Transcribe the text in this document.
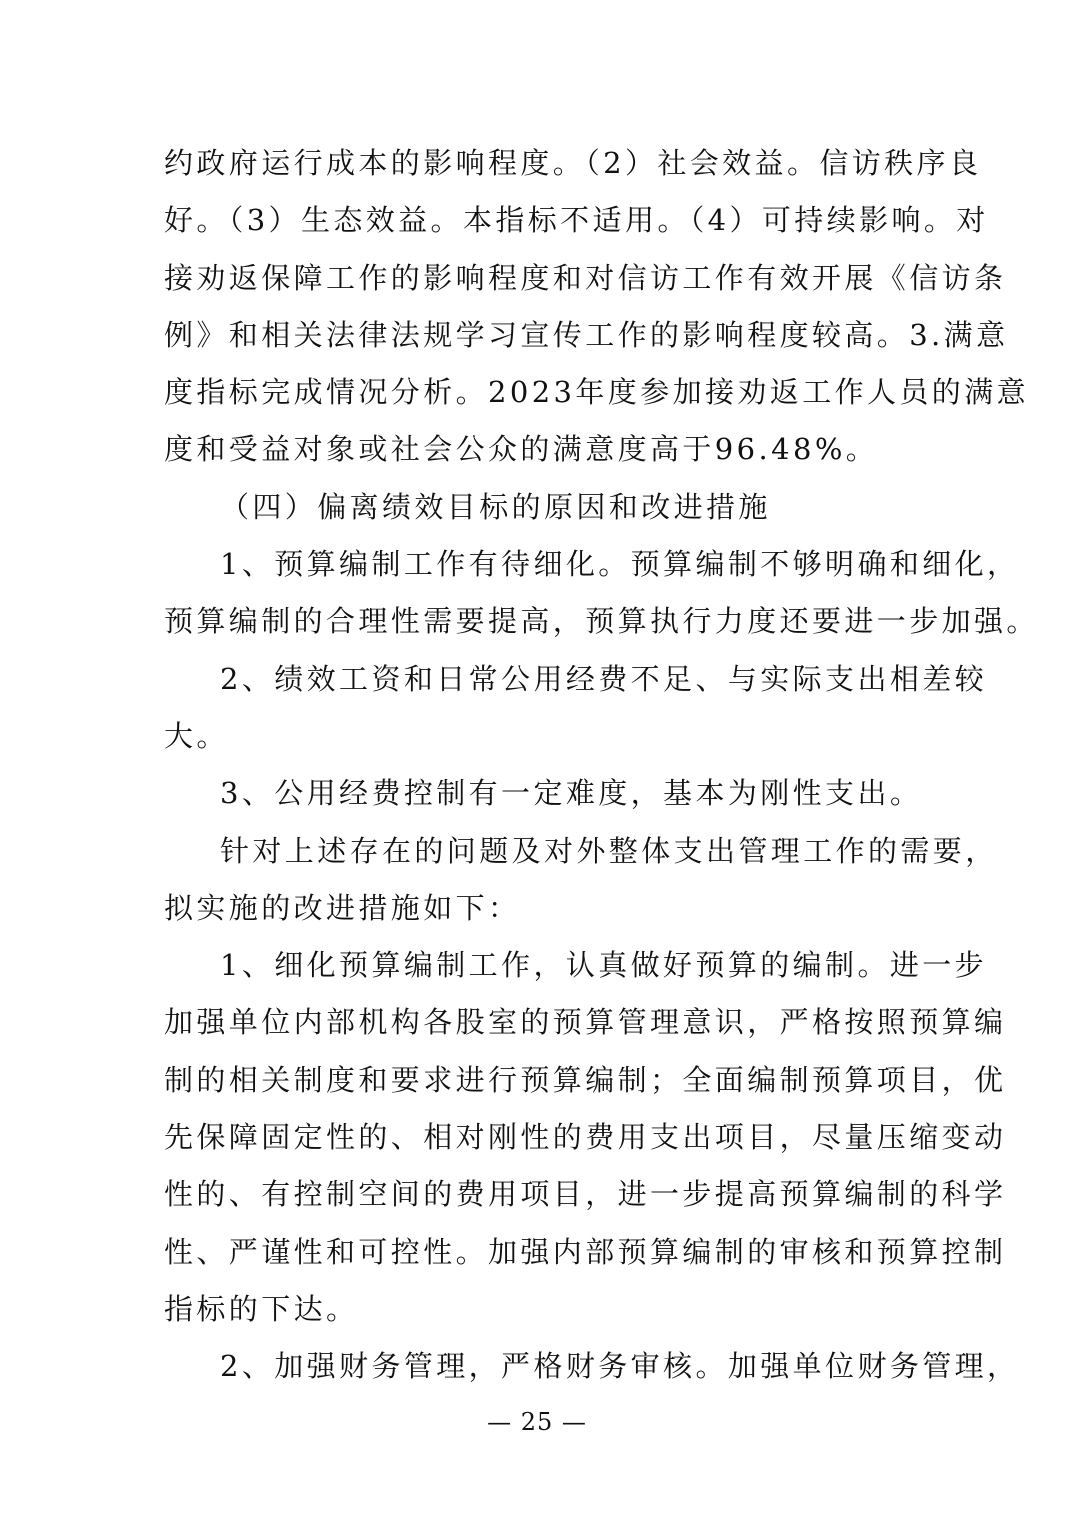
约政府运行成本的影响程度。（2）社会效益。信访秩序良
好。（3）生态效益。本指标不适用。（4）可持续影响。对
接劝返保障工作的影响程度和对信访工作有效开展《信访条
例》和相关法律法规学习宣传工作的影响程度较高。3.满意
度指标完成情况分析。2023年度参加接劝返工作人员的满意
度和受益对象或社会公众的满意度高于96.48%。
（四）偏离绩效目标的原因和改进措施
1、预算编制工作有待细化。预算编制不够明确和细化，
预算编制的合理性需要提高，预算执行力度还要进一步加强。
2、绩效工资和日常公用经费不足、与实际支出相差较
大。
3、公用经费控制有一定难度，基本为刚性支出。
针对上述存在的问题及对外整体支出管理工作的需要，
拟实施的改进措施如下：
1、细化预算编制工作，认真做好预算的编制。进一步
加强单位内部机构各股室的预算管理意识，严格按照预算编
制的相关制度和要求进行预算编制；全面编制预算项目，优
先保障固定性的、相对刚性的费用支出项目，尽量压缩变动
性的、有控制空间的费用项目，进一步提高预算编制的科学
性、严谨性和可控性。加强内部预算编制的审核和预算控制
指标的下达。
2、加强财务管理，严格财务审核。加强单位财务管理，
— 25 —
